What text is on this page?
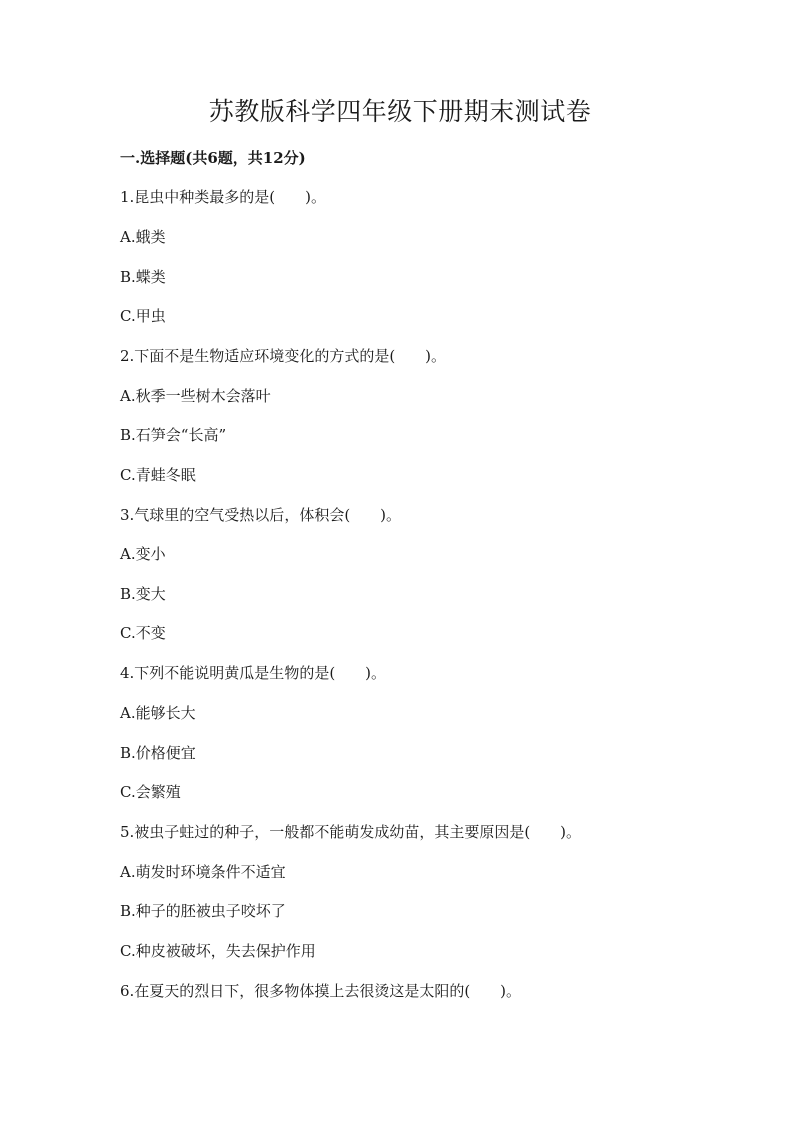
苏教版科学四年级下册期末测试卷

一.选择题(共6题，共12分)

1.昆虫中种类最多的是(　　)。

A.蛾类

B.蝶类

C.甲虫

2.下面不是生物适应环境变化的方式的是(　　)。

A.秋季一些树木会落叶

B.石笋会“长高”

C.青蛙冬眠

3.气球里的空气受热以后，体积会(　　)。

A.变小

B.变大

C.不变

4.下列不能说明黄瓜是生物的是(　　)。

A.能够长大

B.价格便宜

C.会繁殖

5.被虫子蛀过的种子，一般都不能萌发成幼苗，其主要原因是(　　)。

A.萌发时环境条件不适宜

B.种子的胚被虫子咬坏了

C.种皮被破坏，失去保护作用

6.在夏天的烈日下，很多物体摸上去很烫这是太阳的(　　)。
